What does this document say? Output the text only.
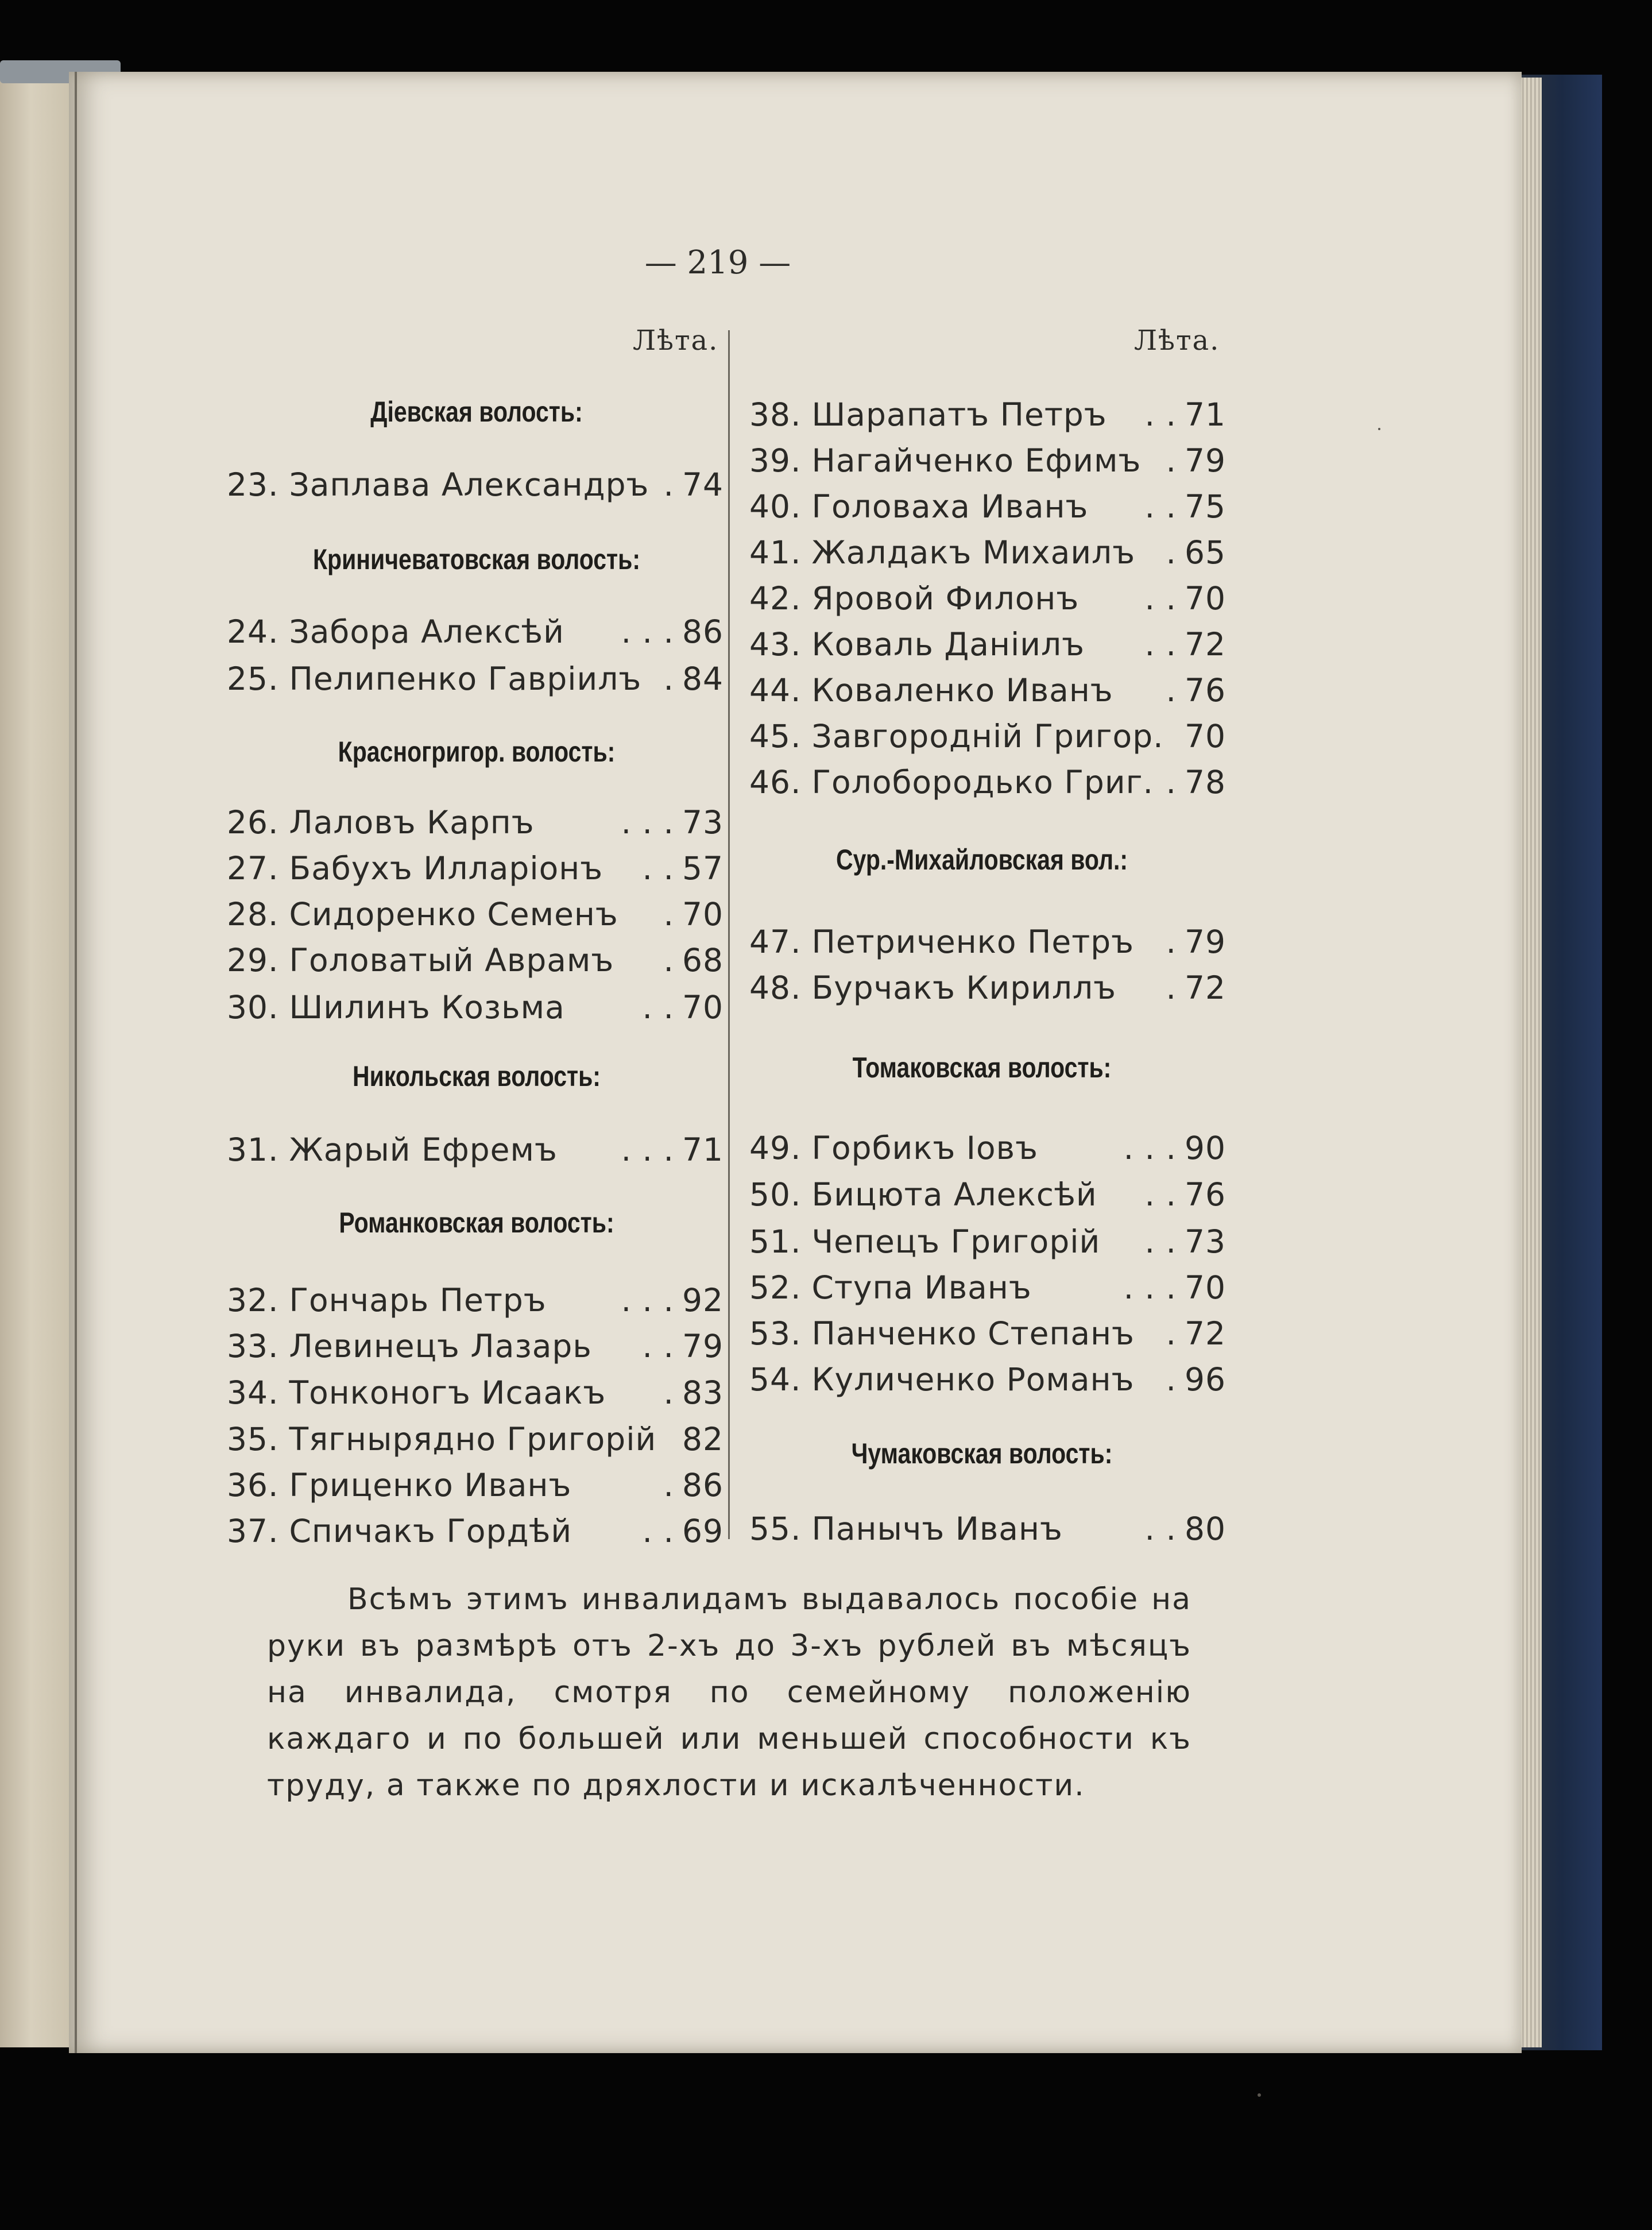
— 219 —
Лѣта.	Лѣта.
Діевская волость:
23. Заплава Александръ . 74
Криничеватовская волость:
24. Забора Алексѣй	. . . 86
25. Пелипенко Гавріилъ . 84
Красногригор. волость:
26. Лаловъ Карпъ	. . . 73
27. Бабухъ Илларіонъ	. . 57
28. Сидоренко Семенъ	. 70
29. Головатый Аврамъ	. 68
30. Шилинъ Козьма	. . 70
Никольская волость:
31. Жарый Ефремъ	. . . 71
Романковская волость:
32. Гончарь Петръ	. . . 92
33. Левинецъ Лазарь	. . 79
34. Тонконогъ Исаакъ	. 83
35. Тягнырядно Григорій 82
36. Гриценко Иванъ	. 86
37. Спичакъ Гордѣй	. . 69
38. Шарапатъ Петръ	. . 71
39. Нагайченко Ефимъ . 79
40. Головаха Иванъ	. . 75
41. Жалдакъ Михаилъ . 65
42. Яровой Филонъ	. . 70
43. Коваль Даніилъ	. . 72
44. Коваленко Иванъ	. 76
45. Завгородній Григор. 70
46. Голобородько Григ. . 78
Сур.-Михайловская вол.:
47. Петриченко Петръ	. 79
48. Бурчакъ Кириллъ	. 72
Томаковская волость:
49. Горбикъ Іовъ	. . . 90
50. Бицюта Алексѣй	. . 76
51. Чепецъ Григорій	. . 73
52. Ступа Иванъ	. . . 70
53. Панченко Степанъ . 72
54. Куличенко Романъ	. 96
Чумаковская волость:
55. Панычъ Иванъ	. . 80
Всѣмъ этимъ инвалидамъ выдавалось пособіе на руки въ размѣрѣ отъ 2-хъ до 3-хъ рублей въ мѣсяцъ на инвалида, смотря по семейному положенію каждаго и по большей или меньшей способности къ труду, а также по дряхлости и искалѣченности.
